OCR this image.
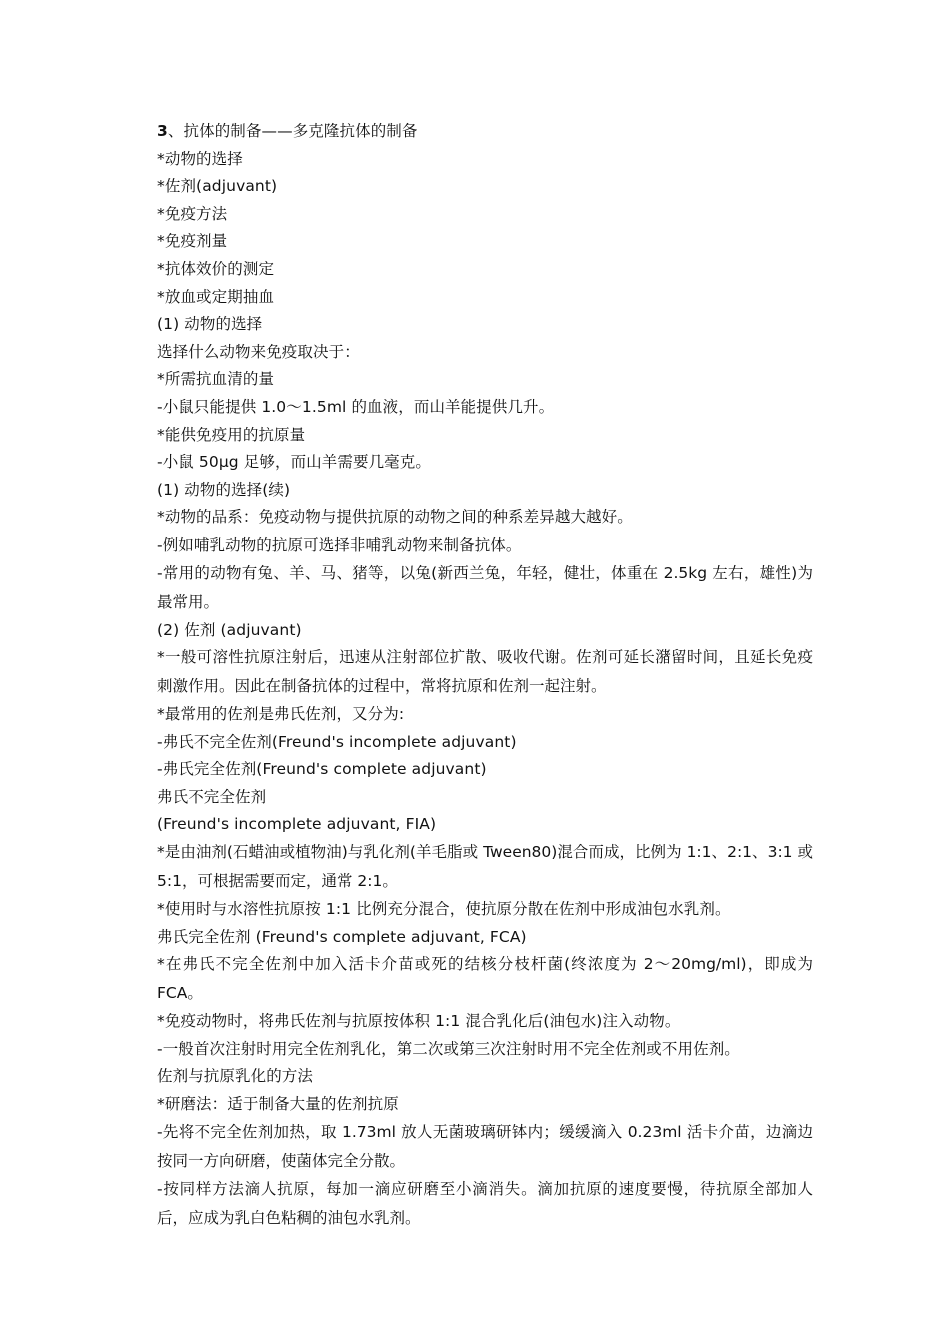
3、抗体的制备——多克隆抗体的制备
*动物的选择
*佐剂(adjuvant)
*免疫方法
*免疫剂量
*抗体效价的测定
*放血或定期抽血
(1) 动物的选择
选择什么动物来免疫取决于：
*所需抗血清的量
-小鼠只能提供 1.0～1.5ml 的血液，而山羊能提供几升。
*能供免疫用的抗原量
-小鼠 50μg 足够，而山羊需要几毫克。
(1) 动物的选择(续)
*动物的品系：免疫动物与提供抗原的动物之间的种系差异越大越好。
-例如哺乳动物的抗原可选择非哺乳动物来制备抗体。
-常用的动物有兔、羊、马、猪等，以兔(新西兰兔，年轻，健壮，体重在 2.5kg 左右，雄性)为最常用。
(2) 佐剂 (adjuvant)
*一般可溶性抗原注射后，迅速从注射部位扩散、吸收代谢。佐剂可延长潴留时间，且延长免疫刺激作用。因此在制备抗体的过程中，常将抗原和佐剂一起注射。
*最常用的佐剂是弗氏佐剂，又分为:
-弗氏不完全佐剂(Freund's incomplete adjuvant)
-弗氏完全佐剂(Freund's complete adjuvant)
弗氏不完全佐剂
(Freund's incomplete adjuvant, FIA)
*是由油剂(石蜡油或植物油)与乳化剂(羊毛脂或 Tween80)混合而成，比例为 1:1、2:1、3:1 或 5:1，可根据需要而定，通常 2:1。
*使用时与水溶性抗原按 1:1 比例充分混合，使抗原分散在佐剂中形成油包水乳剂。
弗氏完全佐剂 (Freund's complete adjuvant, FCA)
*在弗氏不完全佐剂中加入活卡介苗或死的结核分枝杆菌(终浓度为 2～20mg/ml)，即成为 FCA。
*免疫动物时，将弗氏佐剂与抗原按体积 1:1 混合乳化后(油包水)注入动物。
-一般首次注射时用完全佐剂乳化，第二次或第三次注射时用不完全佐剂或不用佐剂。
佐剂与抗原乳化的方法
*研磨法：适于制备大量的佐剂抗原
-先将不完全佐剂加热，取 1.73ml 放人无菌玻璃研钵内；缓缓滴入 0.23ml 活卡介苗，边滴边按同一方向研磨，使菌体完全分散。
-按同样方法滴人抗原，每加一滴应研磨至小滴消失。滴加抗原的速度要慢，待抗原全部加人后，应成为乳白色粘稠的油包水乳剂。
